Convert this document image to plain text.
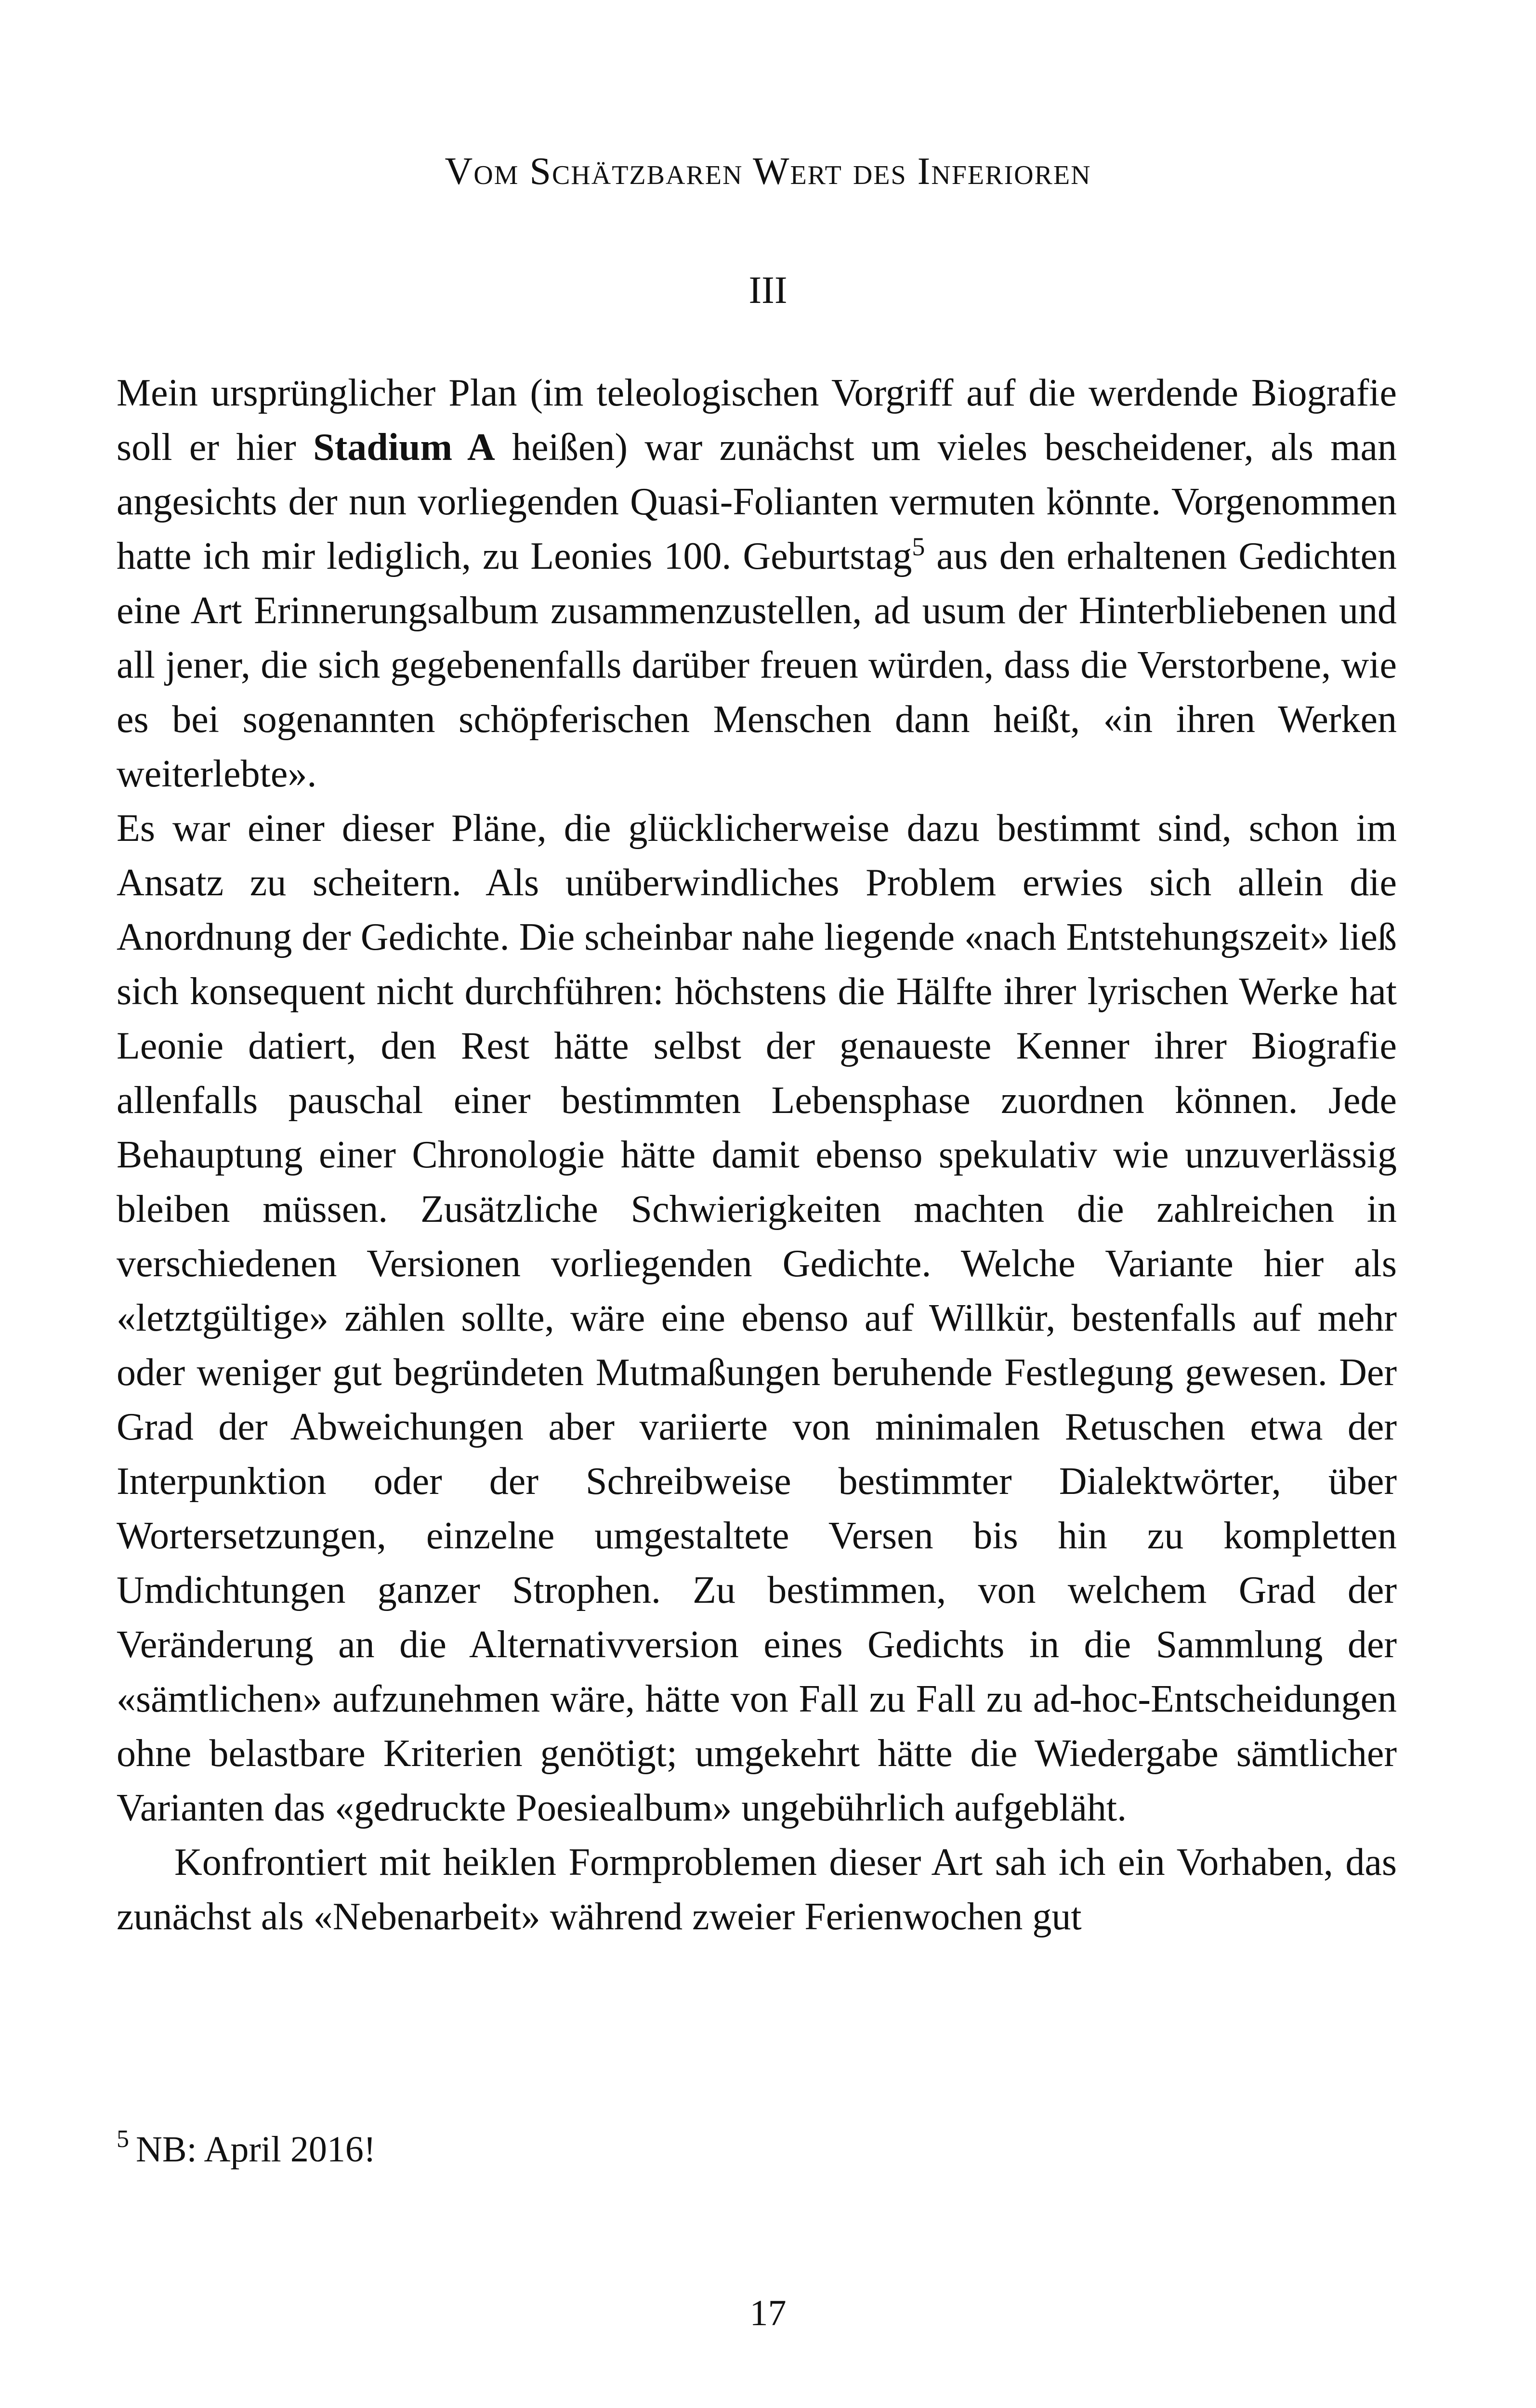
Vom Schätzbaren Wert des Inferioren
III

Mein ursprünglicher Plan (im teleologischen Vorgriff auf die werdende Biografie soll er hier Stadium A heißen) war zunächst um vieles bescheidener, als man angesichts der nun vorliegenden Quasi-Folianten vermuten könnte. Vorgenommen hatte ich mir lediglich, zu Leonies 100. Geburtstag$^5$ aus den erhaltenen Gedichten eine Art Erinnerungsalbum zusammenzustellen, ad usum der Hinterbliebenen und all jener, die sich gegebenenfalls darüber freuen würden, dass die Verstorbene, wie es bei sogenannten schöpferischen Menschen dann heißt, «in ihren Werken weiterlebte».

Es war einer dieser Pläne, die glücklicherweise dazu bestimmt sind, schon im Ansatz zu scheitern. Als unüberwindliches Problem erwies sich allein die Anordnung der Gedichte. Die scheinbar nahe liegende «nach Entstehungszeit» ließ sich konsequent nicht durchführen: höchstens die Hälfte ihrer lyrischen Werke hat Leonie datiert, den Rest hätte selbst der genaueste Kenner ihrer Biografie allenfalls pauschal einer bestimmten Lebensphase zuordnen können. Jede Behauptung einer Chronologie hätte damit ebenso spekulativ wie unzuverlässig bleiben müssen. Zusätzliche Schwierigkeiten machten die zahlreichen in verschiedenen Versionen vorliegenden Gedichte. Welche Variante hier als «letztgültige» zählen sollte, wäre eine ebenso auf Willkür, bestenfalls auf mehr oder weniger gut begründeten Mutmaßungen beruhende Festlegung gewesen. Der Grad der Abweichungen aber variierte von minimalen Retuschen etwa der Interpunktion oder der Schreibweise bestimmter Dialektwörter, über Wortersetzungen, einzelne umgestaltete Versen bis hin zu kompletten Umdichtungen ganzer Strophen. Zu bestimmen, von welchem Grad der Veränderung an die Alternativversion eines Gedichts in die Sammlung der «sämtlichen» aufzunehmen wäre, hätte von Fall zu Fall zu ad-hoc-Entscheidungen ohne belastbare Kriterien genötigt; umgekehrt hätte die Wiedergabe sämtlicher Varianten das «gedruckte Poesiealbum» ungebührlich aufgebläht.

Konfrontiert mit heiklen Formproblemen dieser Art sah ich ein Vorhaben, das zunächst als «Nebenarbeit» während zweier Ferienwochen gut

$^5$ NB: April 2016!
17
